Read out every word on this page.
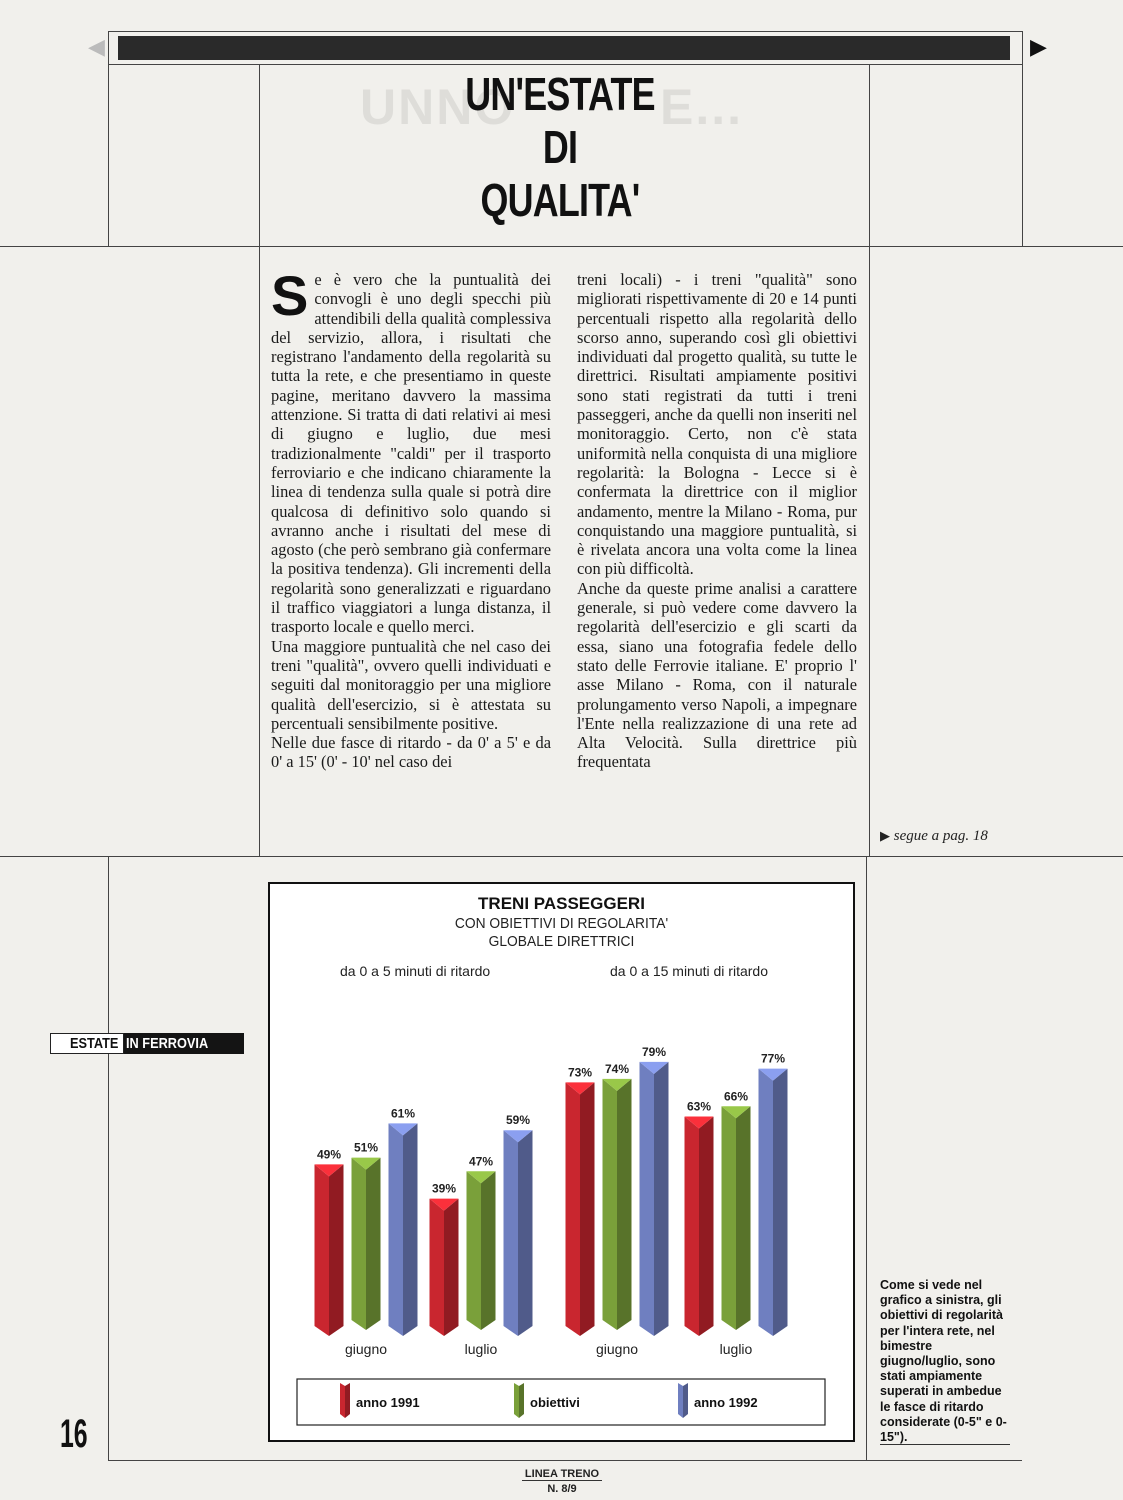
◀	▶
UNNO	E...
UN'ESTATE
DI
QUALITA'
S e è vero che la puntualità dei convogli è uno degli specchi più attendibili della qualità complessiva del servizio, allora, i risultati che registrano l'andamento della regolarità su tutta la rete, e che presentiamo in queste pagine, meritano davvero la massima attenzione. Si tratta di dati relativi ai mesi di giugno e luglio, due mesi tradizionalmente "caldi" per il trasporto ferroviario e che indicano chiaramente la linea di tendenza sulla quale si potrà dire qualcosa di definitivo solo quando si avranno anche i risultati del mese di agosto (che però sembrano già confermare la positiva tendenza). Gli incrementi della regolarità sono generalizzati e riguardano il traffico viaggiatori a lunga distanza, il trasporto locale e quello merci.
Una maggiore puntualità che nel caso dei treni "qualità", ovvero quelli individuati e seguiti dal monitoraggio per una migliore qualità dell'esercizio, si è attestata su percentuali sensibilmente positive.
Nelle due fasce di ritardo - da 0' a 5' e da 0' a 15' (0' - 10' nel caso dei
treni locali) - i treni "qualità" sono migliorati rispettivamente di 20 e 14 punti percentuali rispetto alla regolarità dello scorso anno, superando così gli obiettivi individuati dal progetto qualità, su tutte le direttrici. Risultati ampiamente positivi sono stati registrati da tutti i treni passeggeri, anche da quelli non inseriti nel monitoraggio. Certo, non c'è stata uniformità nella conquista di una migliore regolarità: la Bologna - Lecce si è confermata la direttrice con il miglior andamento, mentre la Milano - Roma, pur conquistando una maggiore puntualità, si è rivelata ancora una volta come la linea con più difficoltà.
Anche da queste prime analisi a carattere generale, si può vedere come davvero la regolarità dell'esercizio e gli scarti da essa, siano una fotografia fedele dello stato delle Ferrovie italiane. E' proprio l' asse Milano - Roma, con il naturale prolungamento verso Napoli, a impegnare l'Ente nella realizzazione di una rete ad Alta Velocità. Sulla direttrice più frequentata
▶ segue a pag. 18
ESTATE IN FERROVIA
49% 51%
61%
giugno
39%
47%
59%
luglio
73% 74%
79%
giugno
63%
66%
77%
luglio
anno 1991	obiettivi	anno 1992
TRENI PASSEGGERI
CON OBIETTIVI DI REGOLARITA'
GLOBALE DIRETTRICI
da 0 a 5 minuti di ritardo	da 0 a 15 minuti di ritardo
Come si vede nel grafico a sinistra, gli obiettivi di regolarità per l'intera rete, nel bimestre giugno/luglio, sono stati ampiamente superati in ambedue le fasce di ritardo considerate (0-5" e 0-15").
16
LINEA TRENO
N. 8/9
